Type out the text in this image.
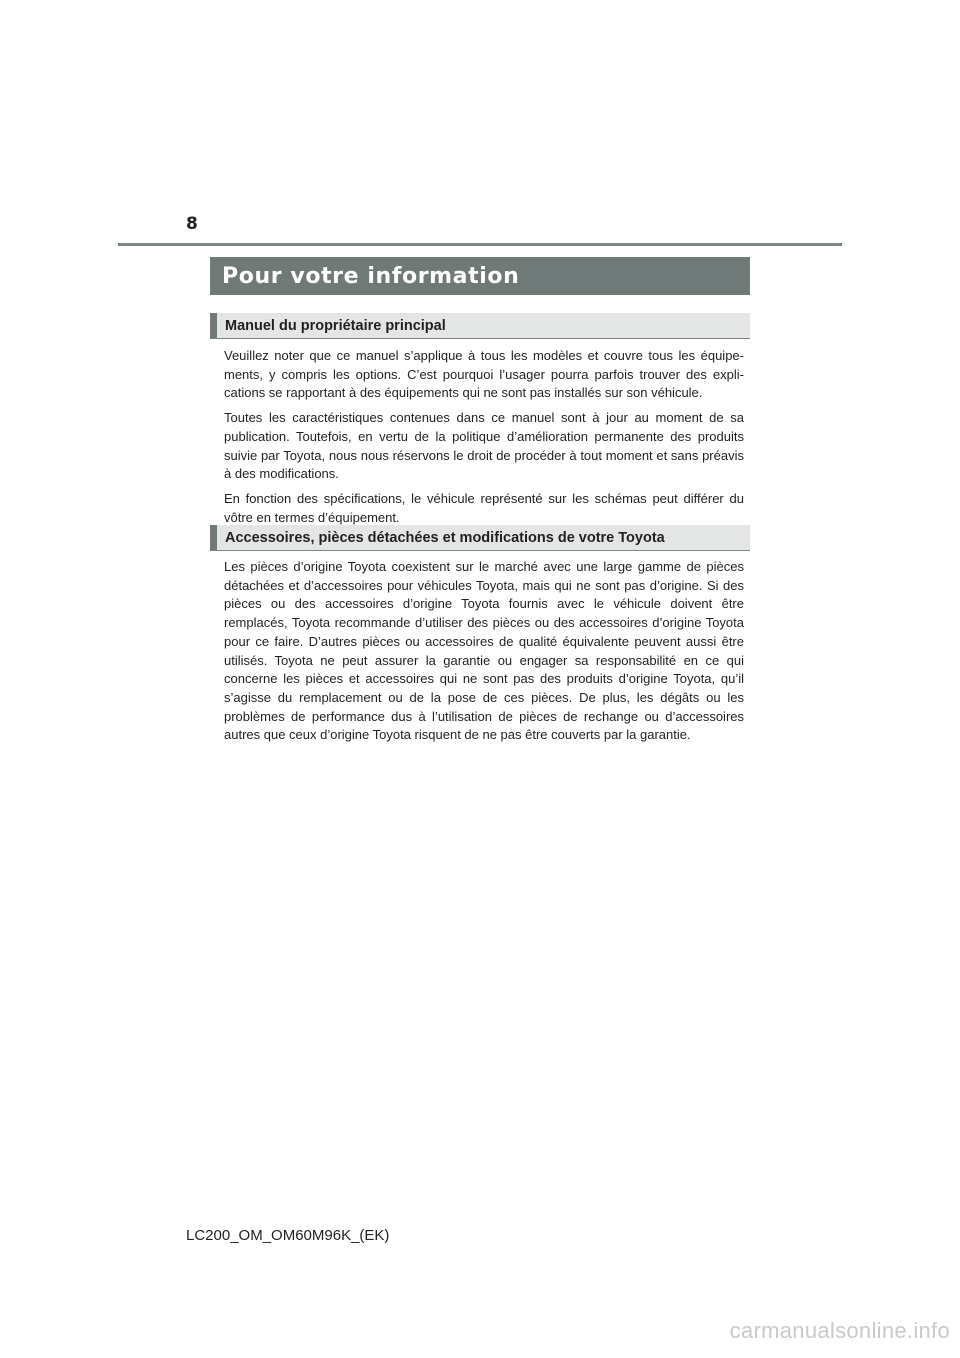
8
Pour votre information
Manuel du propriétaire principal

Veuillez noter que ce manuel s’applique à tous les modèles et couvre tous les équipe-ments, y compris les options. C’est pourquoi l’usager pourra parfois trouver des expli-cations se rapportant à des équipements qui ne sont pas installés sur son véhicule.

Toutes les caractéristiques contenues dans ce manuel sont à jour au moment de sa publication. Toutefois, en vertu de la politique d’amélioration permanente des produits suivie par Toyota, nous nous réservons le droit de procéder à tout moment et sans préavis à des modifications.

En fonction des spécifications, le véhicule représenté sur les schémas peut différer du vôtre en termes d’équipement.

Accessoires, pièces détachées et modifications de votre Toyota

Les pièces d’origine Toyota coexistent sur le marché avec une large gamme de pièces détachées et d’accessoires pour véhicules Toyota, mais qui ne sont pas d’origine. Si des pièces ou des accessoires d’origine Toyota fournis avec le véhicule doivent être remplacés, Toyota recommande d’utiliser des pièces ou des accessoires d’origine Toyota pour ce faire. D’autres pièces ou accessoires de qualité équivalente peuvent aussi être utilisés. Toyota ne peut assurer la garantie ou engager sa responsabilité en ce qui concerne les pièces et accessoires qui ne sont pas des produits d’origine Toyota, qu’il s’agisse du remplacement ou de la pose de ces pièces. De plus, les dégâts ou les problèmes de performance dus à l’utilisation de pièces de rechange ou d’accessoires autres que ceux d’origine Toyota risquent de ne pas être couverts par la garantie.

LC200_OM_OM60M96K_(EK)
carmanualsonline.info
